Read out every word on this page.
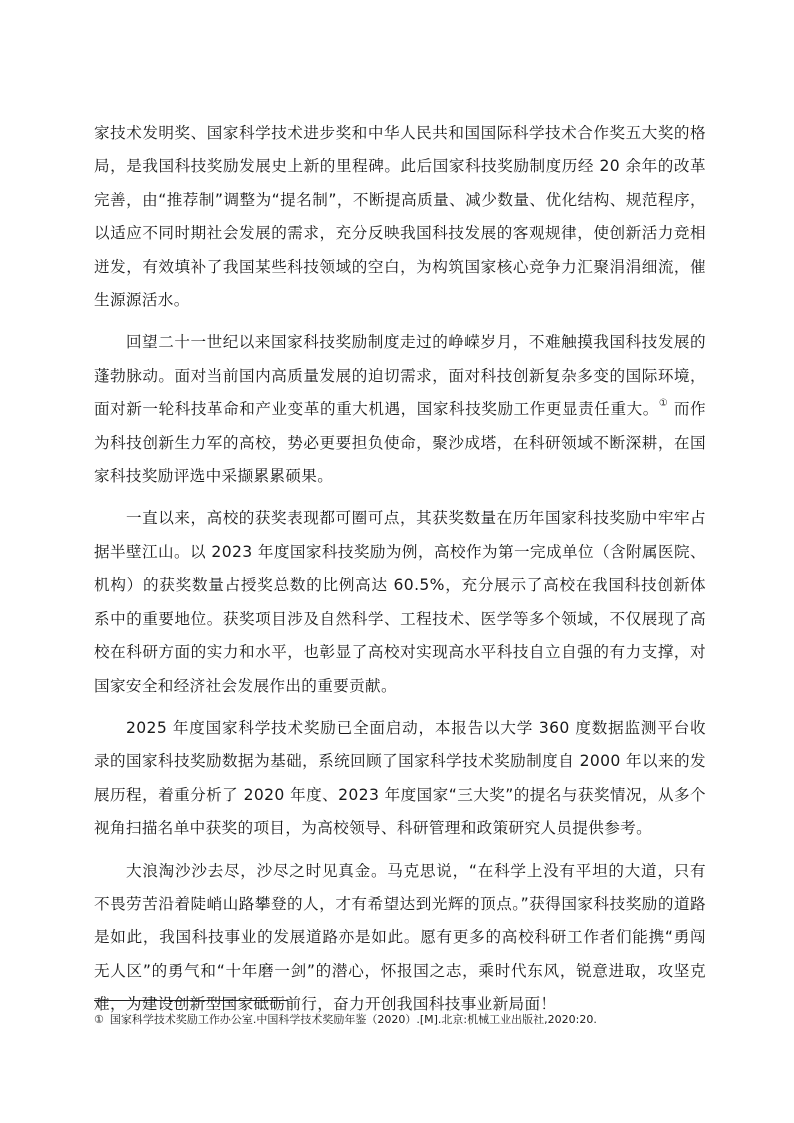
家技术发明奖、国家科学技术进步奖和中华人民共和国国际科学技术合作奖五大奖的格局，是我国科技奖励发展史上新的里程碑。此后国家科技奖励制度历经 20 余年的改革完善，由“推荐制”调整为“提名制”，不断提高质量、减少数量、优化结构、规范程序，以适应不同时期社会发展的需求，充分反映我国科技发展的客观规律，使创新活力竞相迸发，有效填补了我国某些科技领域的空白，为构筑国家核心竞争力汇聚涓涓细流，催生源源活水。

回望二十一世纪以来国家科技奖励制度走过的峥嵘岁月，不难触摸我国科技发展的蓬勃脉动。面对当前国内高质量发展的迫切需求，面对科技创新复杂多变的国际环境，面对新一轮科技革命和产业变革的重大机遇，国家科技奖励工作更显责任重大。① 而作为科技创新生力军的高校，势必更要担负使命，聚沙成塔，在科研领域不断深耕，在国家科技奖励评选中采撷累累硕果。

一直以来，高校的获奖表现都可圈可点，其获奖数量在历年国家科技奖励中牢牢占据半壁江山。以 2023 年度国家科技奖励为例，高校作为第一完成单位（含附属医院、机构）的获奖数量占授奖总数的比例高达 60.5%，充分展示了高校在我国科技创新体系中的重要地位。获奖项目涉及自然科学、工程技术、医学等多个领域，不仅展现了高校在科研方面的实力和水平，也彰显了高校对实现高水平科技自立自强的有力支撑，对国家安全和经济社会发展作出的重要贡献。

2025 年度国家科学技术奖励已全面启动，本报告以大学 360 度数据监测平台收录的国家科技奖励数据为基础，系统回顾了国家科学技术奖励制度自 2000 年以来的发展历程，着重分析了 2020 年度、2023 年度国家“三大奖”的提名与获奖情况，从多个视角扫描名单中获奖的项目，为高校领导、科研管理和政策研究人员提供参考。

大浪淘沙沙去尽，沙尽之时见真金。马克思说，“在科学上没有平坦的大道，只有不畏劳苦沿着陡峭山路攀登的人，才有希望达到光辉的顶点。”获得国家科技奖励的道路是如此，我国科技事业的发展道路亦是如此。愿有更多的高校科研工作者们能携“勇闯无人区”的勇气和“十年磨一剑”的潜心，怀报国之志，乘时代东风，锐意进取，攻坚克难，为建设创新型国家砥砺前行，奋力开创我国科技事业新局面！

① 国家科学技术奖励工作办公室.中国科学技术奖励年鉴（2020）.[M].北京:机械工业出版社,2020:20.
